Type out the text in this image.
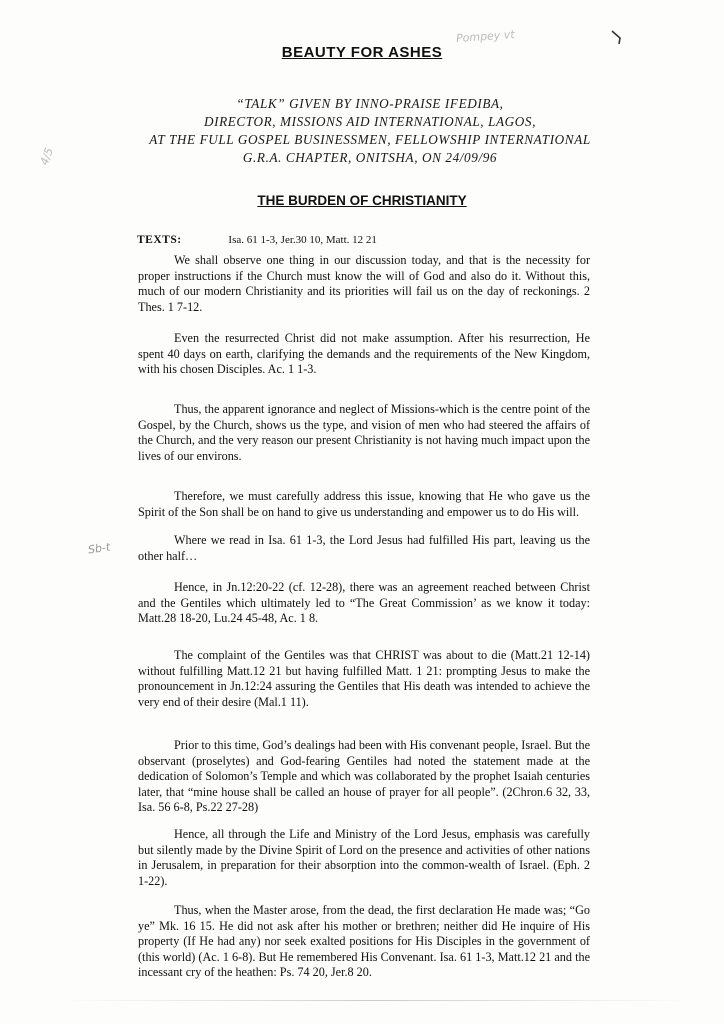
BEAUTY FOR ASHES
Pompey vt
4/5
Sb-t
“TALK” GIVEN BY INNO-PRAISE IFEDIBA,
DIRECTOR, MISSIONS AID INTERNATIONAL, LAGOS,
AT THE FULL GOSPEL BUSINESSMEN, FELLOWSHIP INTERNATIONAL
G.R.A. CHAPTER, ONITSHA, ON 24/09/96
THE BURDEN OF CHRISTIANITY
TEXTS:	Isa. 61 1-3, Jer.30 10, Matt. 12 21

We shall observe one thing in our discussion today, and that is the necessity for proper instructions if the Church must know the will of God and also do it. Without this, much of our modern Christianity and its priorities will fail us on the day of reckonings. 2 Thes. 1 7-12.

Even the resurrected Christ did not make assumption. After his resurrection, He spent 40 days on earth, clarifying the demands and the requirements of the New Kingdom, with his chosen Disciples. Ac. 1 1-3.

Thus, the apparent ignorance and neglect of Missions-which is the centre point of the Gospel, by the Church, shows us the type, and vision of men who had steered the affairs of the Church, and the very reason our present Christianity is not having much impact upon the lives of our environs.

Therefore, we must carefully address this issue, knowing that He who gave us the Spirit of the Son shall be on hand to give us understanding and empower us to do His will.

Where we read in Isa. 61 1-3, the Lord Jesus had fulfilled His part, leaving us the other half…

Hence, in Jn.12:20-22 (cf. 12-28), there was an agreement reached between Christ and the Gentiles which ultimately led to “The Great Commission’ as we know it today: Matt.28 18-20, Lu.24 45-48, Ac. 1 8.

The complaint of the Gentiles was that CHRIST was about to die (Matt.21 12-14) without fulfilling Matt.12 21 but having fulfilled Matt. 1 21: prompting Jesus to make the pronouncement in Jn.12:24 assuring the Gentiles that His death was intended to achieve the very end of their desire (Mal.1 11).

Prior to this time, God’s dealings had been with His convenant people, Israel. But the observant (proselytes) and God-fearing Gentiles had noted the statement made at the dedication of Solomon’s Temple and which was collaborated by the prophet Isaiah centuries later, that “mine house shall be called an house of prayer for all people”. (2Chron.6 32, 33, Isa. 56 6-8, Ps.22 27-28)

Hence, all through the Life and Ministry of the Lord Jesus, emphasis was carefully but silently made by the Divine Spirit of Lord on the presence and activities of other nations in Jerusalem, in preparation for their absorption into the common-wealth of Israel. (Eph. 2 1-22).

Thus, when the Master arose, from the dead, the first declaration He made was; “Go ye” Mk. 16 15. He did not ask after his mother or brethren; neither did He inquire of His property (If He had any) nor seek exalted positions for His Disciples in the government of (this world) (Ac. 1 6-8). But He remembered His Convenant. Isa. 61 1-3, Matt.12 21 and the incessant cry of the heathen: Ps. 74 20, Jer.8 20.
